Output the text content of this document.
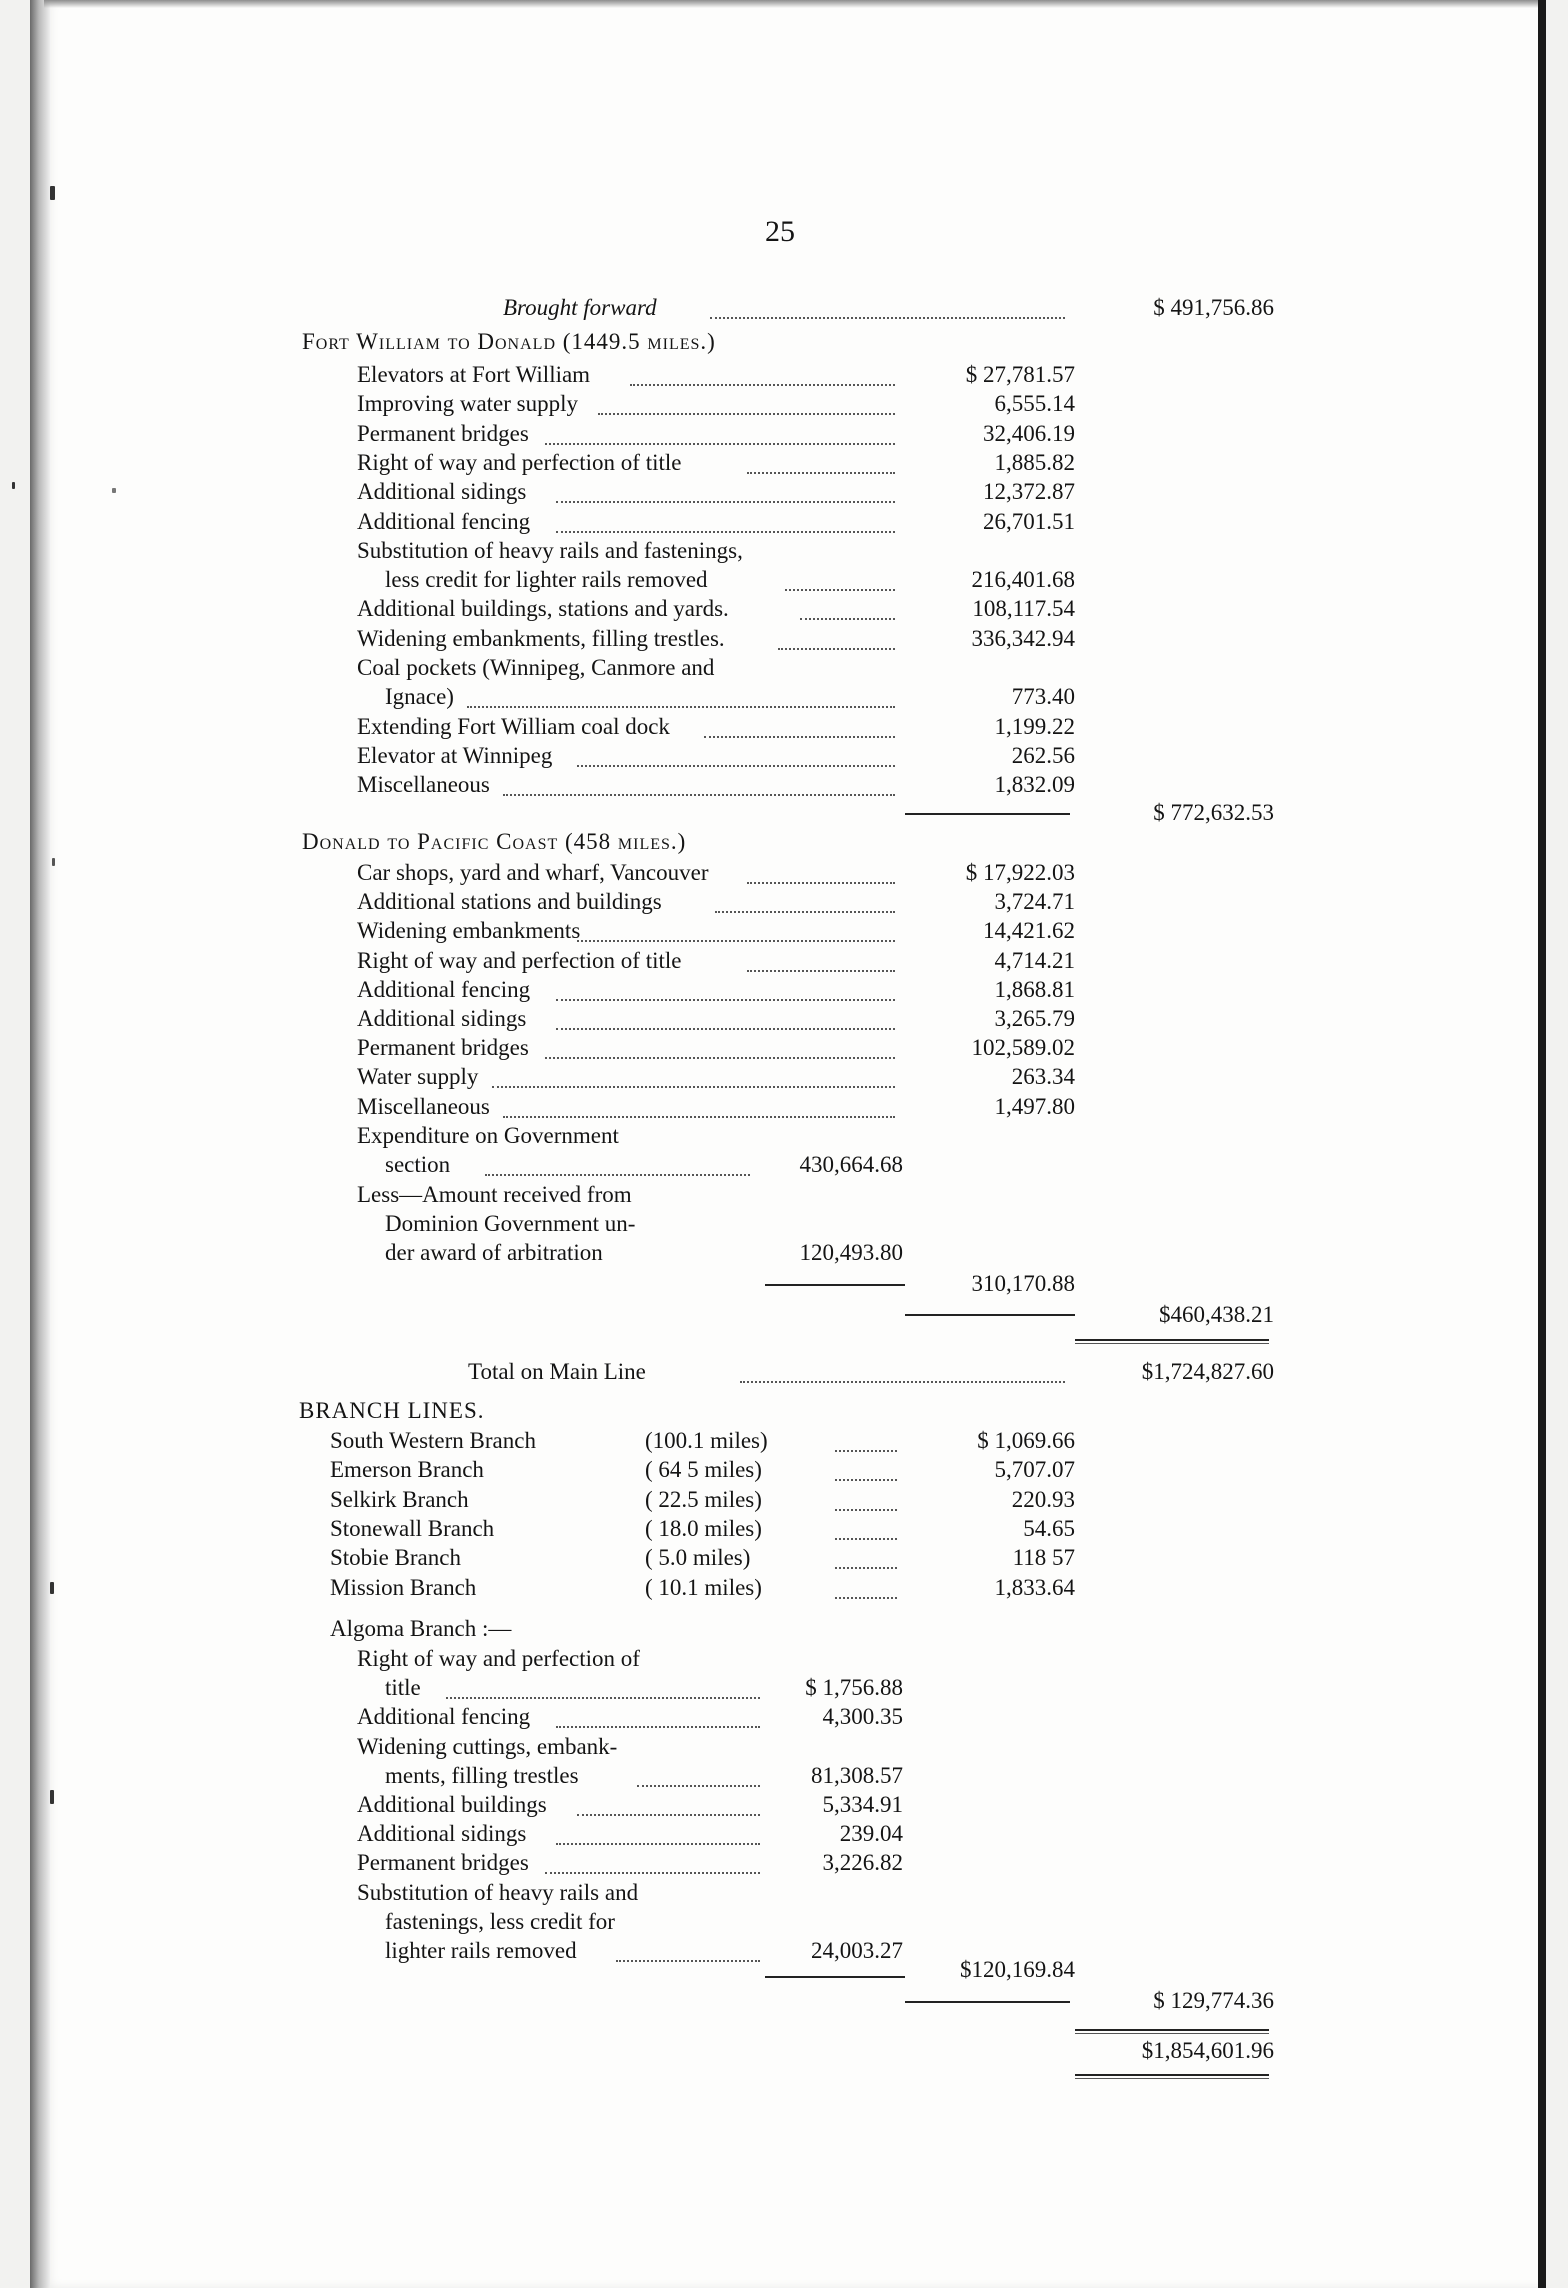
25
Brought forward	$ 491,756.86
Fort William to Donald (1449.5 miles.)
Elevators at Fort William	$ 27,781.57
Improving water supply	6,555.14
Permanent bridges	32,406.19
Right of way and perfection of title	1,885.82
Additional sidings	12,372.87
Additional fencing	26,701.51
Substitution of heavy rails and fastenings,
less credit for lighter rails removed	216,401.68
Additional buildings, stations and yards.	108,117.54
Widening embankments, filling trestles.	336,342.94
Coal pockets (Winnipeg, Canmore and
Ignace)	773.40
Extending Fort William coal dock	1,199.22
Elevator at Winnipeg	262.56
Miscellaneous	1,832.09
$ 772,632.53
Donald to Pacific Coast (458 miles.)
Car shops, yard and wharf, Vancouver	$ 17,922.03
Additional stations and buildings	3,724.71
Widening embankments	14,421.62
Right of way and perfection of title	4,714.21
Additional fencing	1,868.81
Additional sidings	3,265.79
Permanent bridges	102,589.02
Water supply	263.34
Miscellaneous	1,497.80
Expenditure on Government
section	430,664.68
Less—Amount received from
Dominion Government un-
der award of arbitration	120,493.80
310,170.88
$460,438.21
Total on Main Line	$1,724,827.60
BRANCH LINES.
South Western Branch	(100.1 miles)	$ 1,069.66
Emerson Branch	( 64 5 miles)	5,707.07
Selkirk Branch	( 22.5 miles)	220.93
Stonewall Branch	( 18.0 miles)	54.65
Stobie Branch	( 5.0 miles)	118 57
Mission Branch	( 10.1 miles)	1,833.64
Algoma Branch :—
Right of way and perfection of
title	$ 1,756.88
Additional fencing	4,300.35
Widening cuttings, embank-
ments, filling trestles	81,308.57
Additional buildings	5,334.91
Additional sidings	239.04
Permanent bridges	3,226.82
Substitution of heavy rails and
fastenings, less credit for
lighter rails removed	24,003.27
$120,169.84
$ 129,774.36
$1,854,601.96
